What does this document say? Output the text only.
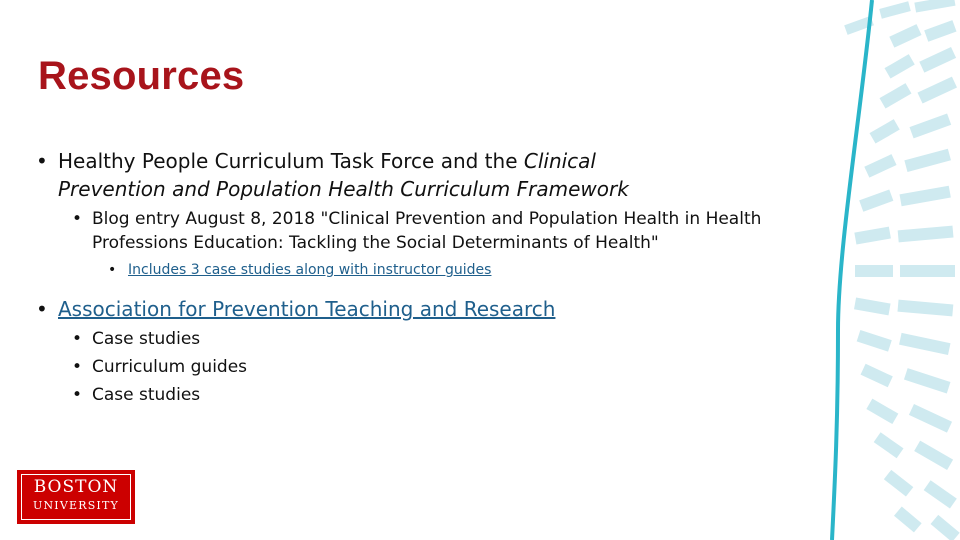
Resources
• Healthy People Curriculum Task Force and the Clinical
Prevention and Population Health Curriculum Framework
• Blog entry August 8, 2018 "Clinical Prevention and Population Health in Health Professions Education: Tackling the Social Determinants of Health"
• Includes 3 case studies along with instructor guides
• Association for Prevention Teaching and Research
• Case studies
• Curriculum guides
• Case studies
BOSTON
UNIVERSITY
